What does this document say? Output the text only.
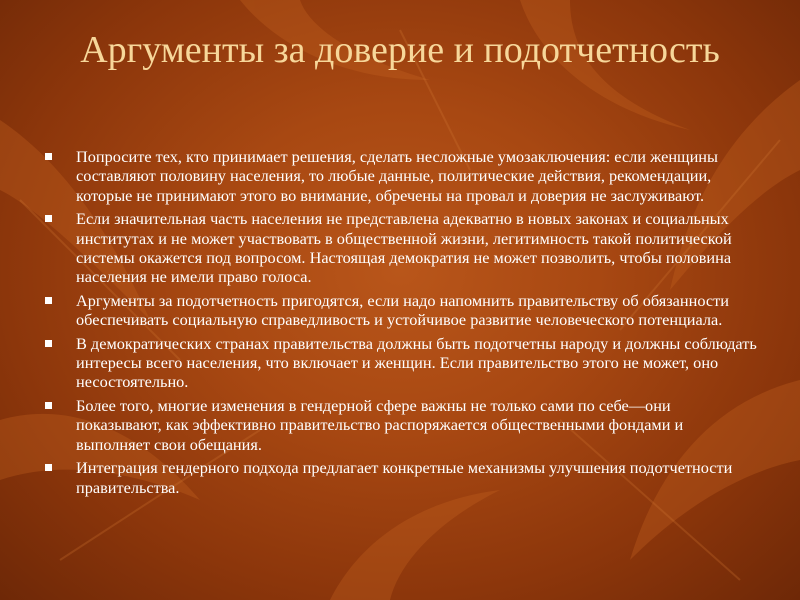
Аргументы за доверие и подотчетность
Попросите тех, кто принимает решения, сделать несложные умозаключения: если женщины составляют половину населения, то любые данные, политические действия, рекомендации, которые не принимают этого во внимание, обречены на провал и доверия не заслуживают.
Если значительная часть населения не представлена адекватно в новых законах и социальных институтах и не может участвовать в общественной жизни, легитимность такой политической системы окажется под вопросом. Настоящая демократия не может позволить, чтобы половина населения не имели право голоса.
Аргументы за подотчетность пригодятся, если надо напомнить правительству об обязанности обеспечивать социальную справедливость и устойчивое развитие человеческого потенциала.
В демократических странах правительства должны быть подотчетны народу и должны соблюдать интересы всего населения, что включает и женщин. Если правительство этого не может, оно несостоятельно.
Более того, многие изменения в гендерной сфере важны не только сами по себе—они показывают, как эффективно правительство распоряжается общественными фондами и выполняет свои обещания.
Интеграция гендерного подхода предлагает конкретные механизмы улучшения подотчетности правительства.
